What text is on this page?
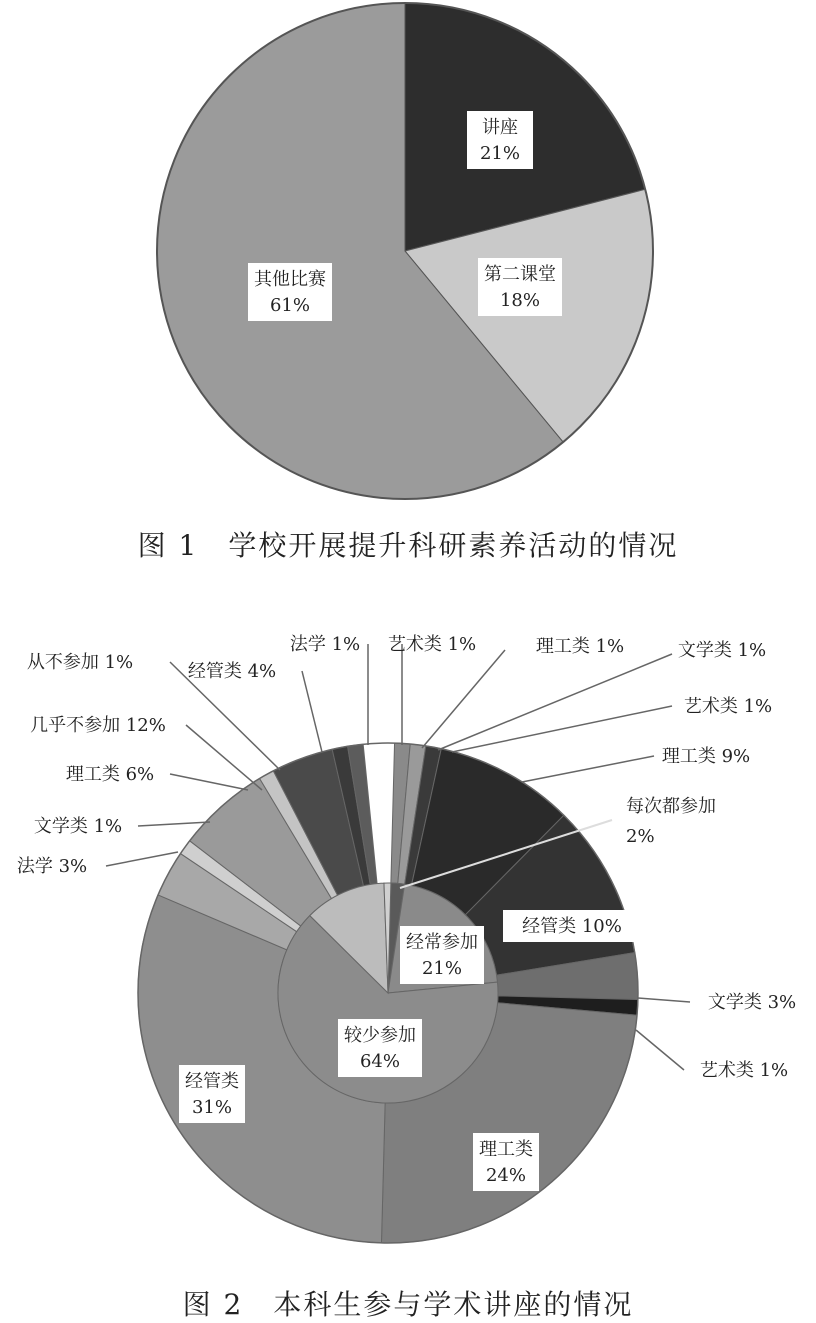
讲座
21%
第二课堂
18%
其他比赛
61%
图 1　学校开展提升科研素养活动的情况
经常参加
21%
较少参加
64%
经管类
31%
理工类
24%
经管类 10%
经管类 4%
法学 1% 艺术类 1%	理工类 1%	文学类 1%
艺术类 1%
理工类 9%
文学类 3%
艺术类 1%
理工类 6%
文学类 1%
法学 3%
从不参加 1%
几乎不参加 12%
每次都参加
2%
图 2　本科生参与学术讲座的情况
